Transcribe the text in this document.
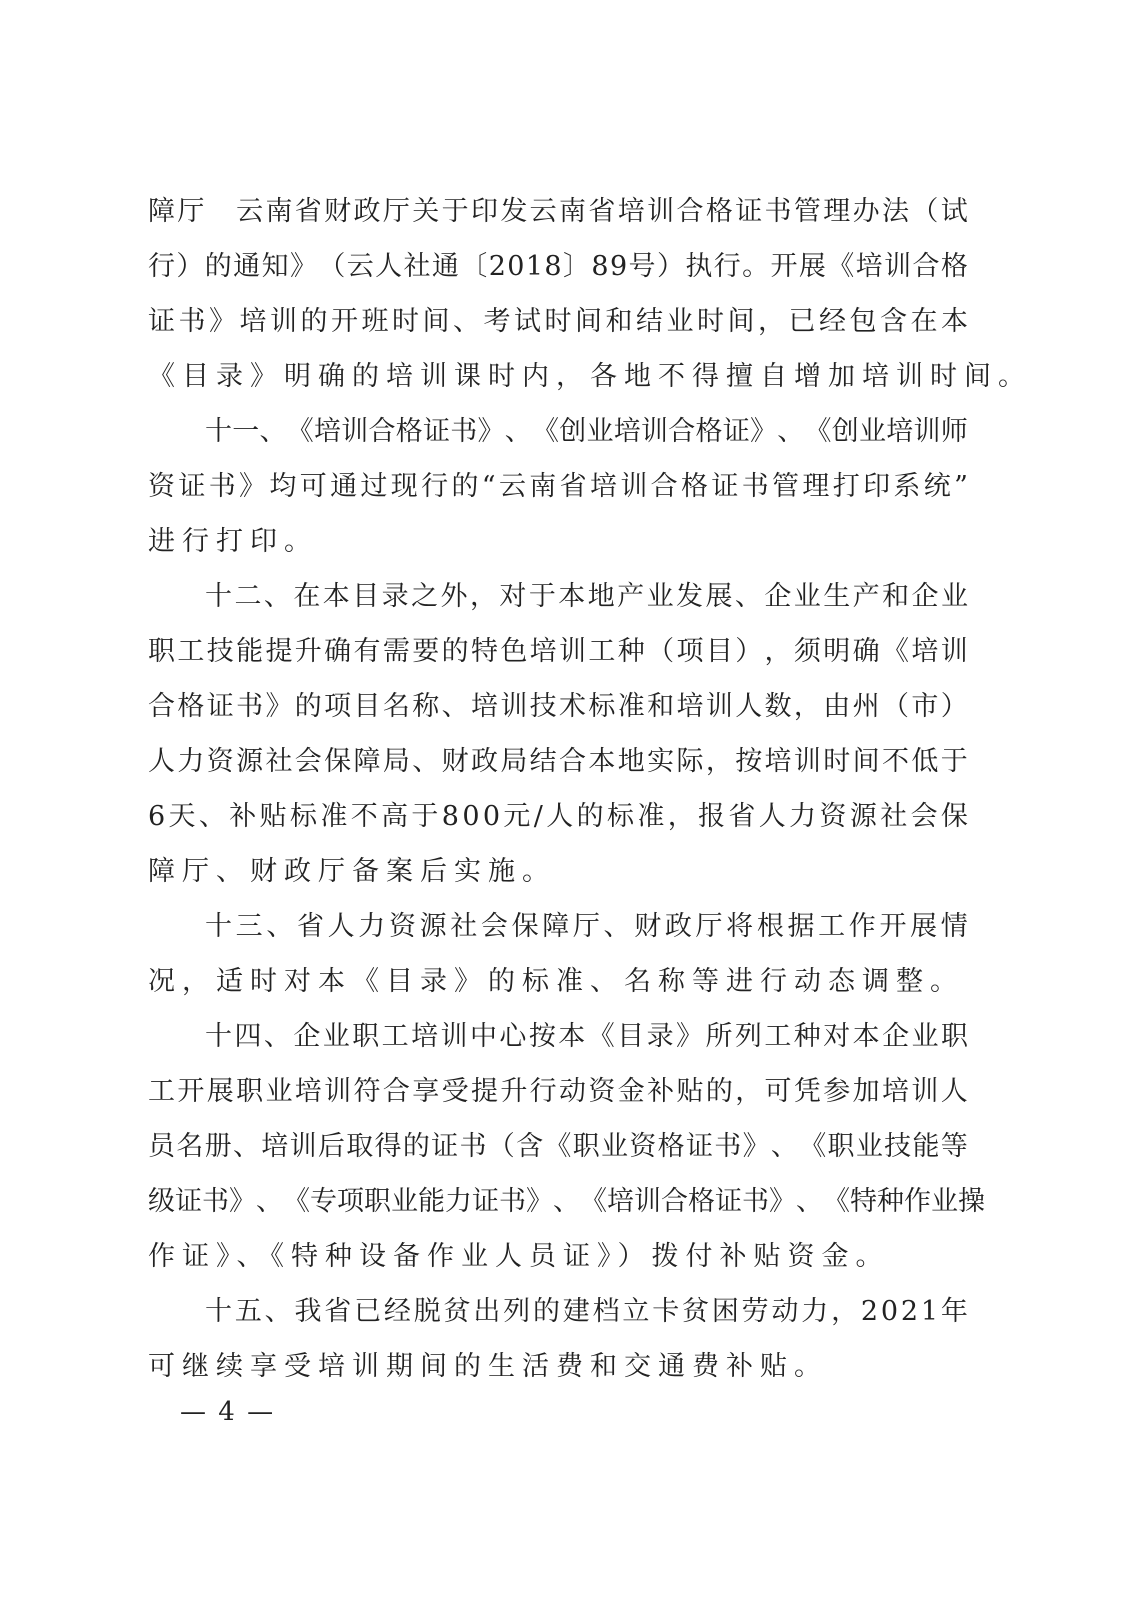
障 厅
　 云 南 省 财 政 厅 关 于 印 发 云 南 省 培 训 合 格 证 书 管 理 办 法 （ 试
行 ） 的 通 知 》 （ 云 人 社 通 〔 2 0 1 8 〕 8 9 号 ） 执 行 。 开 展 《 培 训 合 格
证 书 》 培 训 的 开 班 时 间 、 考 试 时 间 和 结 业 时 间 ， 已 经 包 含 在 本
《目录》明确的培训课时内，各地不得擅自增加培训时间。
十 一 、 《 培 训 合 格 证 书 》 、 《 创 业 培 训 合 格 证 》 、 《 创 业 培 训 师
资 证 书 》 均 可 通 过 现 行 的 “ 云 南 省 培 训 合 格 证 书 管 理 打 印 系 统 ”
进行打印。
十 二 、 在 本 目 录 之 外 ， 对 于 本 地 产 业 发 展 、 企 业 生 产 和 企 业
职 工 技 能 提 升 确 有 需 要 的 特 色 培 训 工 种 （ 项 目 ） ， 须 明 确 《 培 训
合 格 证 书 》 的 项 目 名 称 、 培 训 技 术 标 准 和 培 训 人 数 ， 由 州 （ 市 ）
人 力 资 源 社 会 保 障 局 、 财 政 局 结 合 本 地 实 际 ， 按 培 训 时 间 不 低 于
6 天 、 补 贴 标 准 不 高 于 8 0 0 元 / 人 的 标 准 ， 报 省 人 力 资 源 社 会 保
障厅、财政厅备案后实施。
十 三 、 省 人 力 资 源 社 会 保 障 厅 、 财 政 厅 将 根 据 工 作 开 展 情
况，适时对本《目录》的标准、名称等进行动态调整。
十 四 、 企 业 职 工 培 训 中 心 按 本 《 目 录 》 所 列 工 种 对 本 企 业 职
工 开 展 职 业 培 训 符 合 享 受 提 升 行 动 资 金 补 贴 的 ， 可 凭 参 加 培 训 人
员 名 册 、 培 训 后 取 得 的 证 书 （ 含 《 职 业 资 格 证 书 》 、 《 职 业 技 能 等
级 证 书 》 、 《 专 项 职 业 能 力 证 书 》 、 《 培 训 合 格 证 书 》 、 《 特 种 作 业 操
作证》、《特种设备作业人员证》）拨付补贴资金。
十 五 、 我 省 已 经 脱 贫 出 列 的 建 档 立 卡 贫 困 劳 动 力 ， 2 0 2 1 年
可继续享受培训期间的生活费和交通费补贴。
— 4 —
